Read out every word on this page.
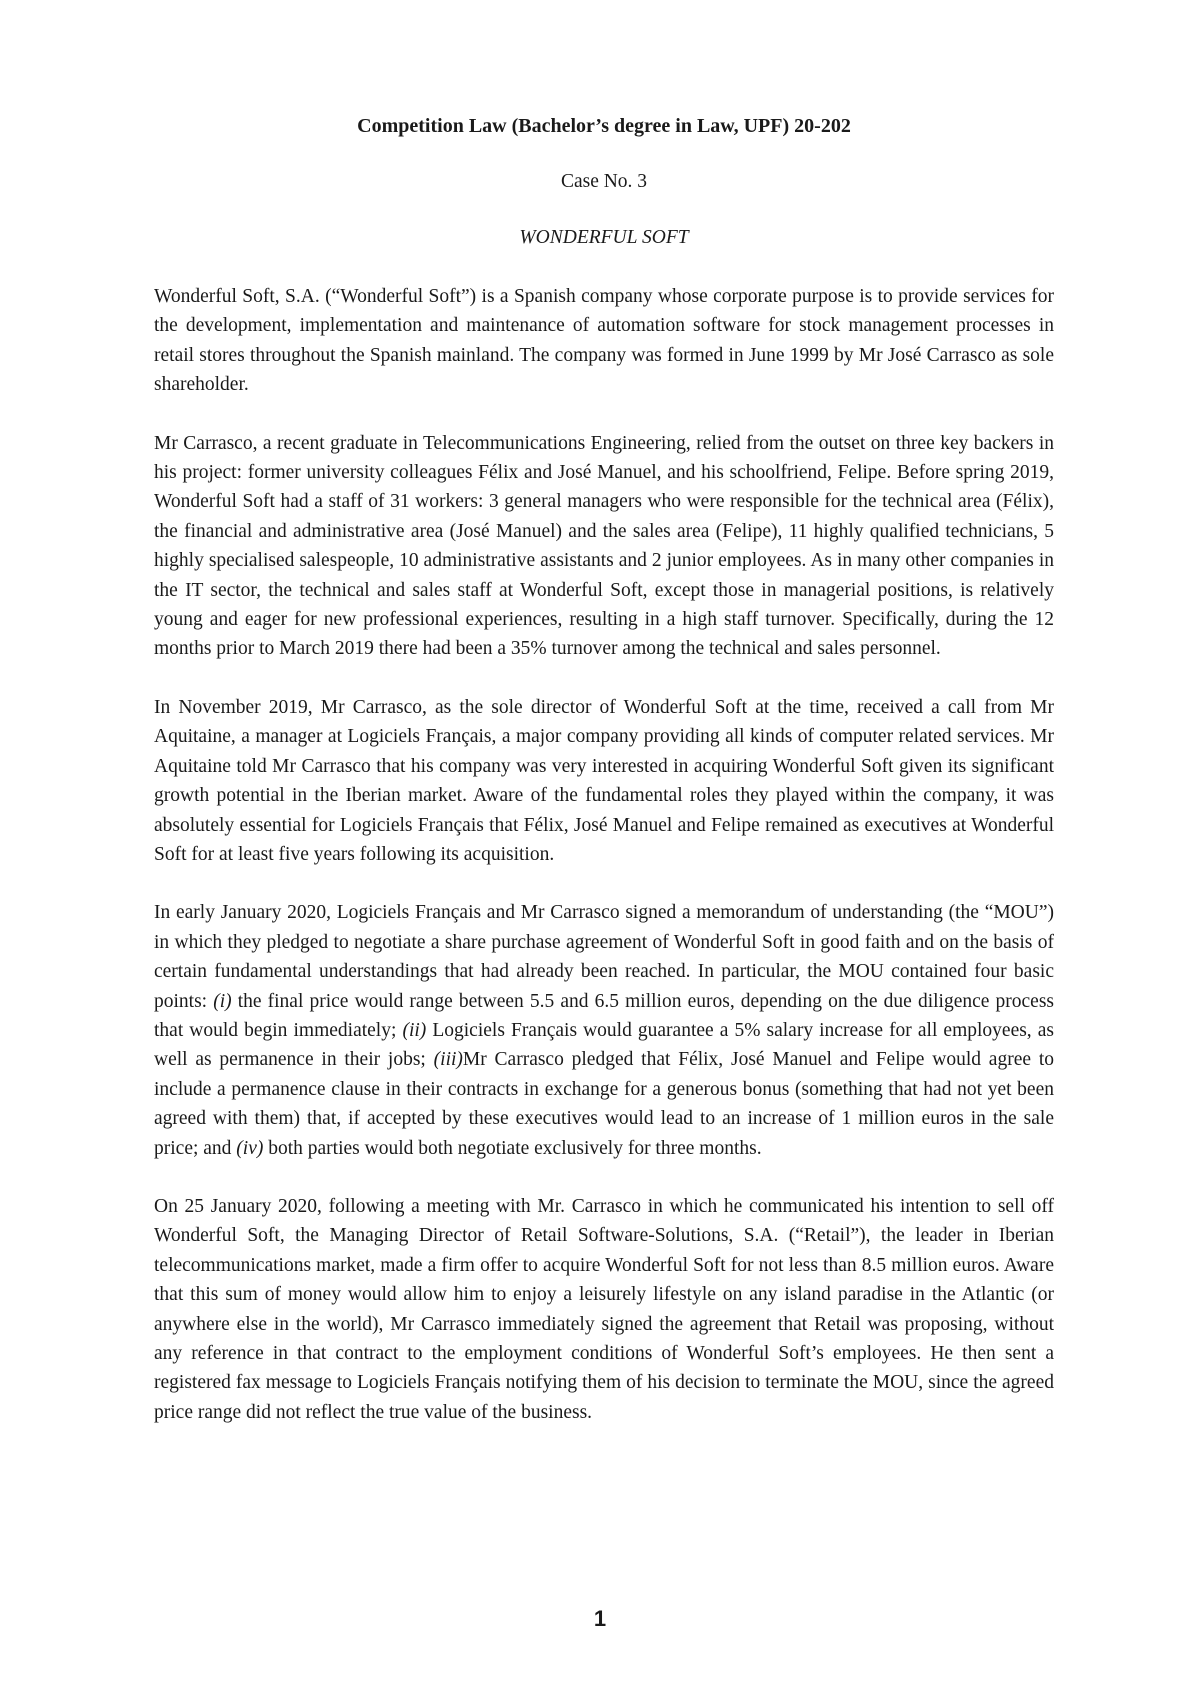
Competition Law (Bachelor’s degree in Law, UPF) 20-202

Case No. 3

WONDERFUL SOFT

Wonderful Soft, S.A. (“Wonderful Soft”) is a Spanish company whose corporate purpose is to provide services for the development, implementation and maintenance of automation software for stock management processes in retail stores throughout the Spanish mainland. The company was formed in June 1999 by Mr José Carrasco as sole shareholder.

Mr Carrasco, a recent graduate in Telecommunications Engineering, relied from the outset on three key backers in his project: former university colleagues Félix and José Manuel, and his schoolfriend, Felipe. Before spring 2019, Wonderful Soft had a staff of 31 workers: 3 general managers who were responsible for the technical area (Félix), the financial and administrative area (José Manuel) and the sales area (Felipe), 11 highly qualified technicians, 5 highly specialised salespeople, 10 administrative assistants and 2 junior employees. As in many other companies in the IT sector, the technical and sales staff at Wonderful Soft, except those in managerial positions, is relatively young and eager for new professional experiences, resulting in a high staff turnover. Specifically, during the 12 months prior to March 2019 there had been a 35% turnover among the technical and sales personnel.

In November 2019, Mr Carrasco, as the sole director of Wonderful Soft at the time, received a call from Mr Aquitaine, a manager at Logiciels Français, a major company providing all kinds of computer related services. Mr Aquitaine told Mr Carrasco that his company was very interested in acquiring Wonderful Soft given its significant growth potential in the Iberian market. Aware of the fundamental roles they played within the company, it was absolutely essential for Logiciels Français that Félix, José Manuel and Felipe remained as executives at Wonderful Soft for at least five years following its acquisition.

In early January 2020, Logiciels Français and Mr Carrasco signed a memorandum of understanding (the “MOU”) in which they pledged to negotiate a share purchase agreement of Wonderful Soft in good faith and on the basis of certain fundamental understandings that had already been reached. In particular, the MOU contained four basic points: (i) the final price would range between 5.5 and 6.5 million euros, depending on the due diligence process that would begin immediately; (ii) Logiciels Français would guarantee a 5% salary increase for all employees, as well as permanence in their jobs; (iii)Mr Carrasco pledged that Félix, José Manuel and Felipe would agree to include a permanence clause in their contracts in exchange for a generous bonus (something that had not yet been agreed with them) that, if accepted by these executives would lead to an increase of 1 million euros in the sale price; and (iv) both parties would both negotiate exclusively for three months.

On 25 January 2020, following a meeting with Mr. Carrasco in which he communicated his intention to sell off Wonderful Soft, the Managing Director of Retail Software-Solutions, S.A. (“Retail”), the leader in Iberian telecommunications market, made a firm offer to acquire Wonderful Soft for not less than 8.5 million euros. Aware that this sum of money would allow him to enjoy a leisurely lifestyle on any island paradise in the Atlantic (or anywhere else in the world), Mr Carrasco immediately signed the agreement that Retail was proposing, without any reference in that contract to the employment conditions of Wonderful Soft’s employees. He then sent a registered fax message to Logiciels Français notifying them of his decision to terminate the MOU, since the agreed price range did not reflect the true value of the business.

1
